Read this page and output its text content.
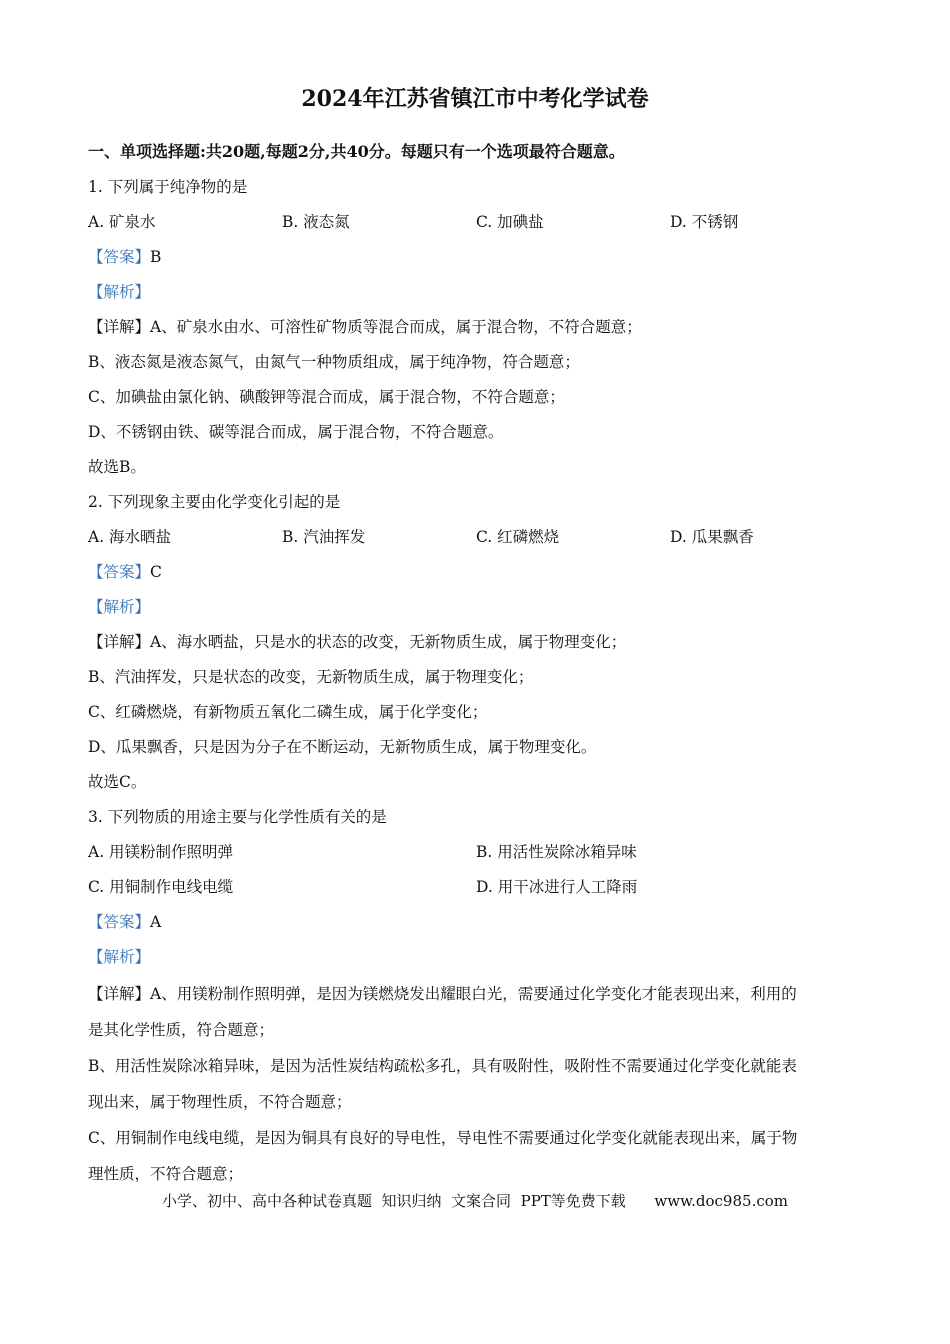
2024年江苏省镇江市中考化学试卷
一、单项选择题:共20题,每题2分,共40分。每题只有一个选项最符合题意。
1. 下列属于纯净物的是
A. 矿泉水	B. 液态氮	C. 加碘盐	D. 不锈钢
【答案】B
【解析】
【详解】A、矿泉水由水、可溶性矿物质等混合而成，属于混合物，不符合题意；
B、液态氮是液态氮气，由氮气一种物质组成，属于纯净物，符合题意；
C、加碘盐由氯化钠、碘酸钾等混合而成，属于混合物，不符合题意；
D、不锈钢由铁、碳等混合而成，属于混合物，不符合题意。
故选B。
2. 下列现象主要由化学变化引起的是
A. 海水晒盐	B. 汽油挥发	C. 红磷燃烧	D. 瓜果飘香
【答案】C
【解析】
【详解】A、海水晒盐，只是水的状态的改变，无新物质生成，属于物理变化；
B、汽油挥发，只是状态的改变，无新物质生成，属于物理变化；
C、红磷燃烧，有新物质五氧化二磷生成，属于化学变化；
D、瓜果飘香，只是因为分子在不断运动，无新物质生成，属于物理变化。
故选C。
3. 下列物质的用途主要与化学性质有关的是
A. 用镁粉制作照明弹	B. 用活性炭除冰箱异味
C. 用铜制作电线电缆	D. 用干冰进行人工降雨
【答案】A
【解析】
【详解】A、用镁粉制作照明弹，是因为镁燃烧发出耀眼白光，需要通过化学变化才能表现出来，利用的
是其化学性质，符合题意；
B、用活性炭除冰箱异味，是因为活性炭结构疏松多孔，具有吸附性，吸附性不需要通过化学变化就能表
现出来，属于物理性质，不符合题意；
C、用铜制作电线电缆，是因为铜具有良好的导电性，导电性不需要通过化学变化就能表现出来，属于物
理性质，不符合题意；
小学、初中、高中各种试卷真题  知识归纳  文案合同  PPT等免费下载      www.doc985.com
